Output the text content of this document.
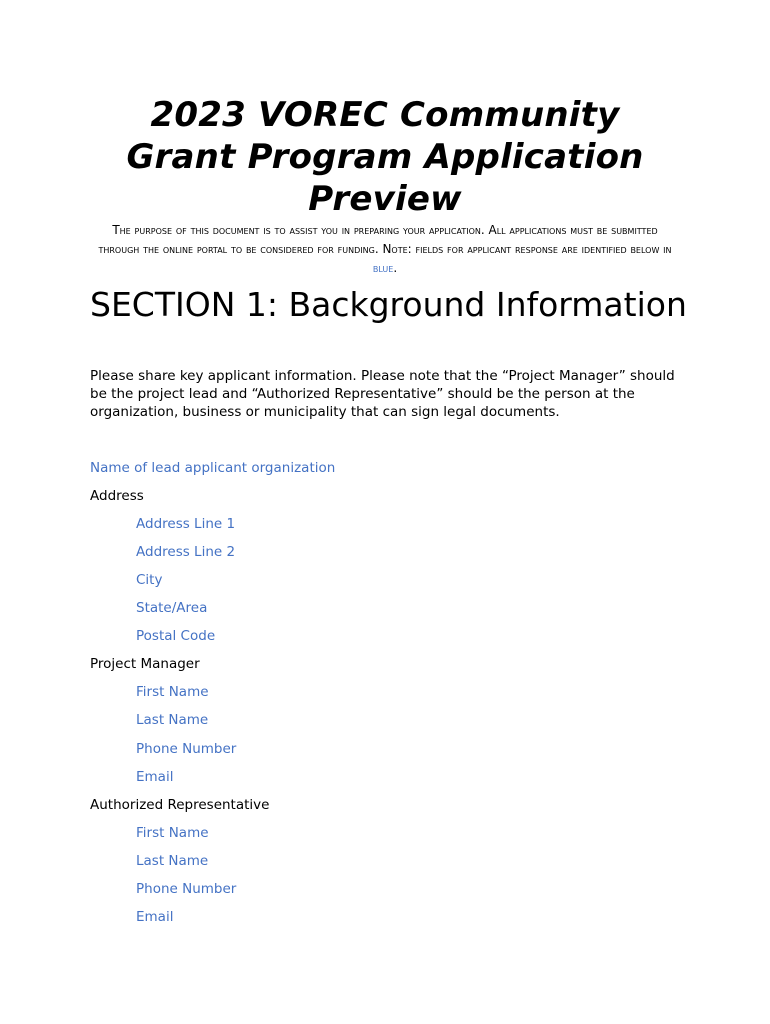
2023 VOREC Community Grant Program Application Preview

The purpose of this document is to assist you in preparing your application. All applications must be submitted through the online portal to be considered for funding. Note: fields for applicant response are identified below in blue.

SECTION 1: Background Information

Please share key applicant information. Please note that the “Project Manager” should be the project lead and “Authorized Representative” should be the person at the organization, business or municipality that can sign legal documents.

Name of lead applicant organization

Address

Address Line 1

Address Line 2

City

State/Area

Postal Code

Project Manager

First Name

Last Name

Phone Number

Email

Authorized Representative

First Name

Last Name

Phone Number

Email
